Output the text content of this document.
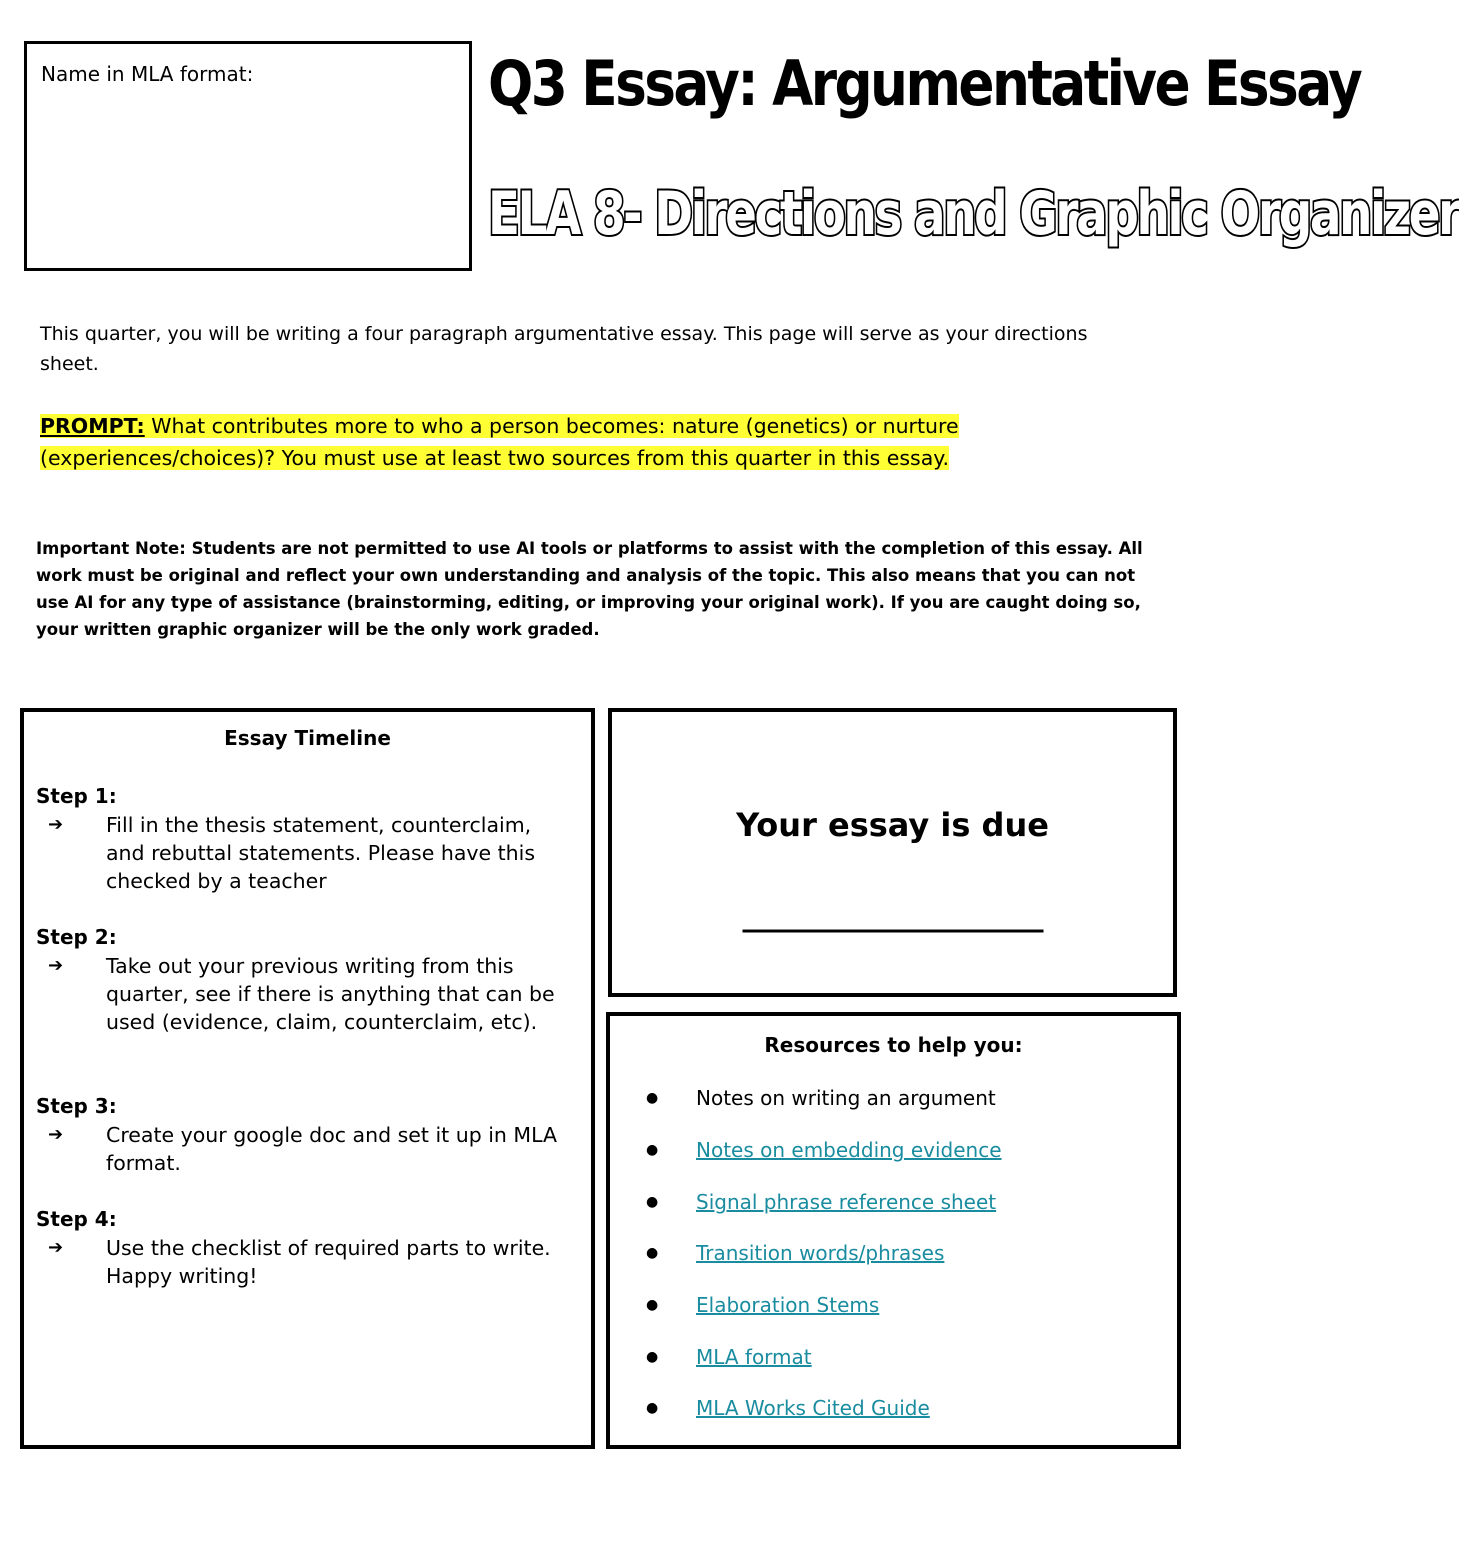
Name in MLA format:	Q3 Essay: Argumentative Essay
ELA 8- Directions and Graphic Organizer
This quarter, you will be writing a four paragraph argumentative essay. This page will serve as your directions sheet.
PROMPT: What contributes more to who a person becomes: nature (genetics) or nurture (experiences/choices)? You must use at least two sources from this quarter in this essay.
Important Note: Students are not permitted to use AI tools or platforms to assist with the completion of this essay. All work must be original and reflect your own understanding and analysis of the topic. This also means that you can not use AI for any type of assistance (brainstorming, editing, or improving your original work). If you are caught doing so, your written graphic organizer will be the only work graded.
Essay Timeline
Step 1:
➔	Fill in the thesis statement, counterclaim, and rebuttal statements. Please have this checked by a teacher
Step 2:
➔	Take out your previous writing from this quarter, see if there is anything that can be used (evidence, claim, counterclaim, etc).
Step 3:
➔	Create your google doc and set it up in MLA format.
Step 4:
➔	Use the checklist of required parts to write. Happy writing!
Your essay is due
____________________
Resources to help you:
●	Notes on writing an argument
●	Notes on embedding evidence
●	Signal phrase reference sheet
●	Transition words/phrases
●	Elaboration Stems
●	MLA format
●	MLA Works Cited Guide
